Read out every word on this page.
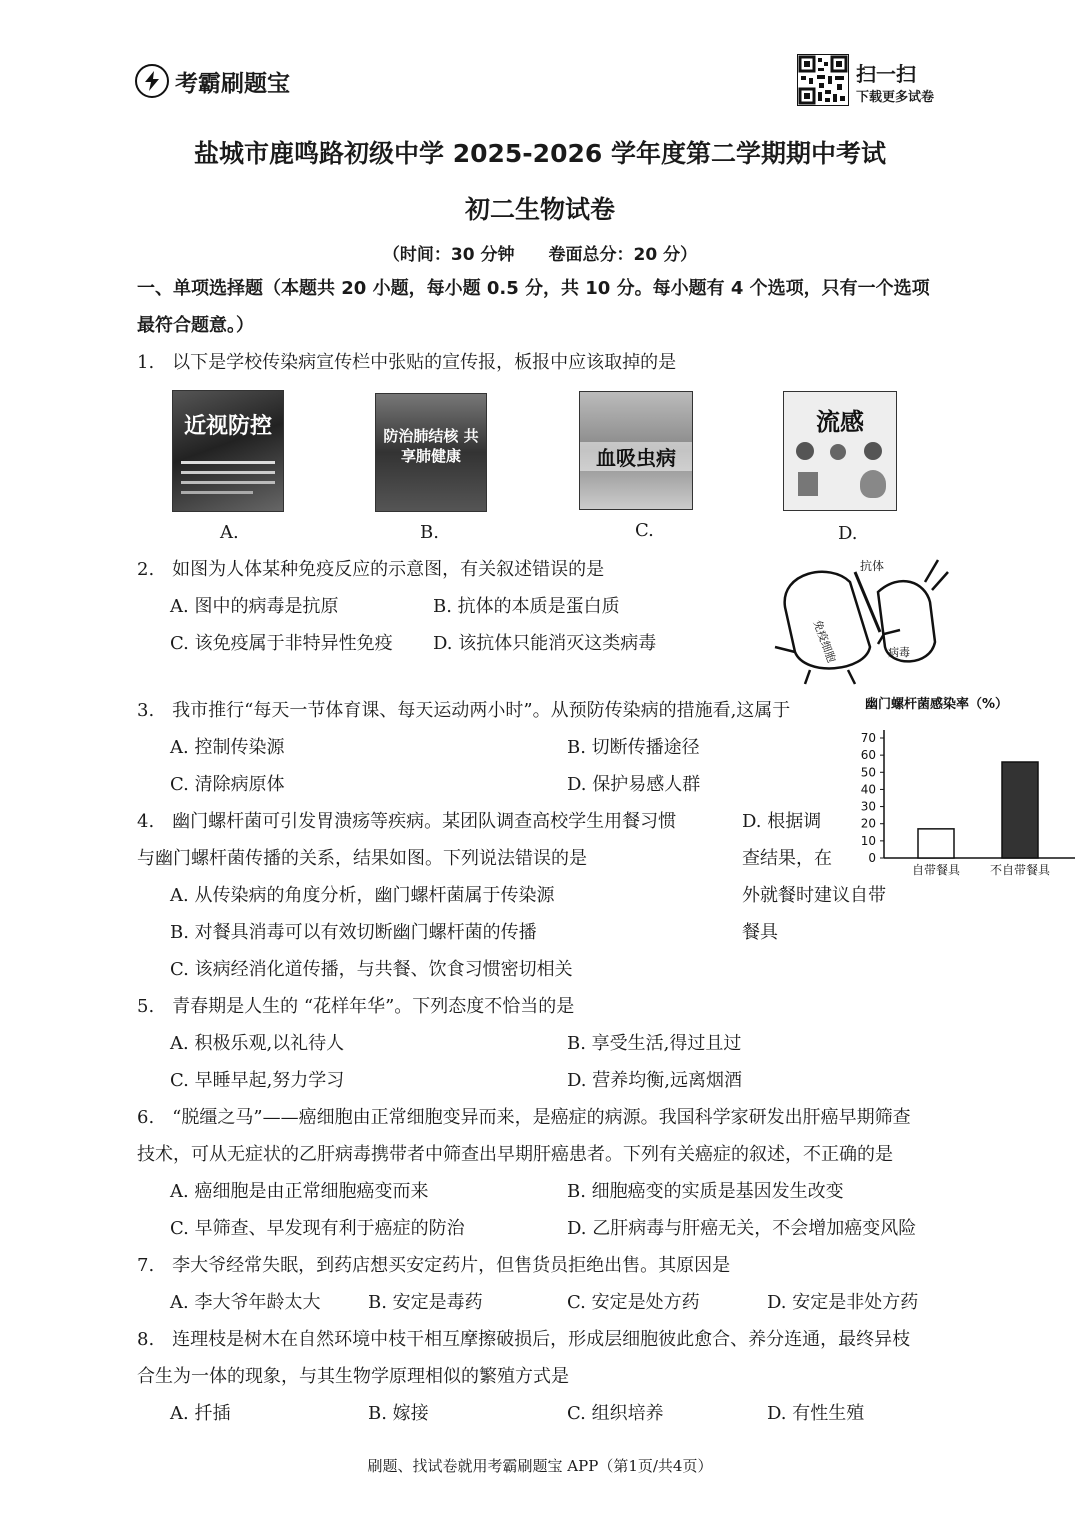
考霸刷题宝	扫一扫
下载更多试卷
盐城市鹿鸣路初级中学 2025-2026 学年度第二学期期中考试
初二生物试卷
（时间：30 分钟　　卷面总分：20 分）
一、单项选择题（本题共 20 小题，每小题 0.5 分，共 10 分。每小题有 4 个选项，只有一个选项
最符合题意。）
1.　以下是学校传染病宣传栏中张贴的宣传报，板报中应该取掉的是
近视防控	防治肺结核 共享肺健康	血吸虫病
流感
A.	B.	C.	D.
2.　如图为人体某种免疫反应的示意图，有关叙述错误的是
A. 图中的病毒是抗原	B. 抗体的本质是蛋白质
C. 该免疫属于非特异性免疫 D. 该抗体只能消灭这类病毒
抗体
免疫细胞	病毒
3.　我市推行“每天一节体育课、每天运动两小时”。从预防传染病的措施看,这属于
A. 控制传染源	B. 切断传播途径
C. 清除病原体	D. 保护易感人群
幽门螺杆菌感染率（%）
0
10
20
30
40
50
60
70
自带餐具 不自带餐具
4.　幽门螺杆菌可引发胃溃疡等疾病。某团队调查高校学生用餐习惯
与幽门螺杆菌传播的关系，结果如图。下列说法错误的是
D. 根据调
查结果，在
A. 从传染病的角度分析，幽门螺杆菌属于传染源	外就餐时建议自带
B. 对餐具消毒可以有效切断幽门螺杆菌的传播	餐具
C. 该病经消化道传播，与共餐、饮食习惯密切相关
5.　青春期是人生的 “花样年华”。下列态度不恰当的是
A. 积极乐观,以礼待人	B. 享受生活,得过且过
C. 早睡早起,努力学习	D. 营养均衡,远离烟酒
6.　“脱缰之马”——癌细胞由正常细胞变异而来，是癌症的病源。我国科学家研发出肝癌早期筛查
技术，可从无症状的乙肝病毒携带者中筛查出早期肝癌患者。下列有关癌症的叙述，不正确的是
A. 癌细胞是由正常细胞癌变而来	B. 细胞癌变的实质是基因发生改变
C. 早筛查、早发现有利于癌症的防治	D. 乙肝病毒与肝癌无关，不会增加癌变风险
7.　李大爷经常失眠，到药店想买安定药片，但售货员拒绝出售。其原因是
A. 李大爷年龄太大	B. 安定是毒药	C. 安定是处方药	D. 安定是非处方药
8.　连理枝是树木在自然环境中枝干相互摩擦破损后，形成层细胞彼此愈合、养分连通，最终异枝
合生为一体的现象，与其生物学原理相似的繁殖方式是
A. 扦插	B. 嫁接	C. 组织培养	D. 有性生殖
刷题、找试卷就用考霸刷题宝 APP（第1页/共4页）
